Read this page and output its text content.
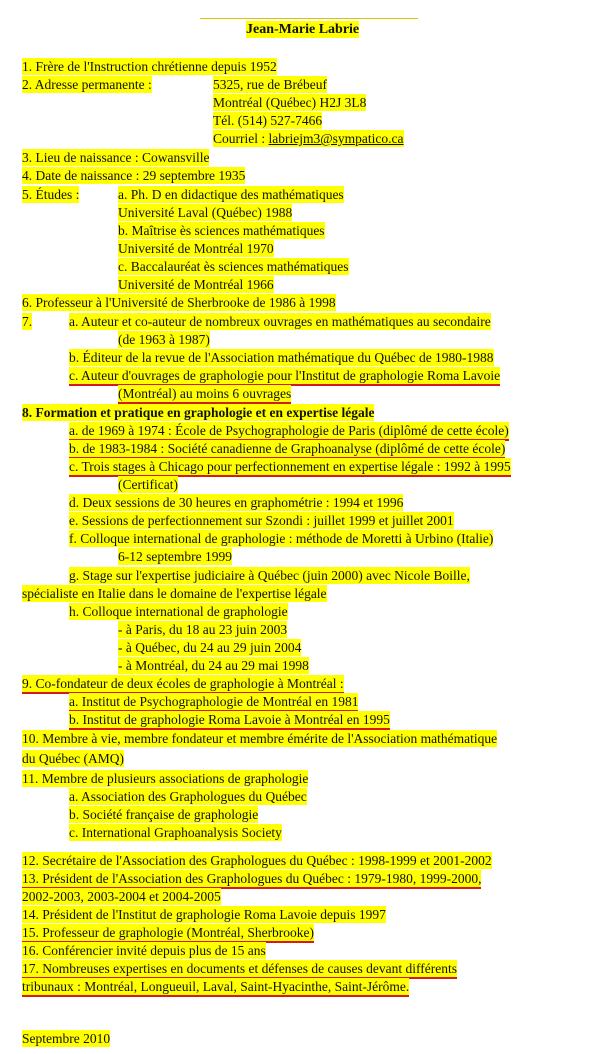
Jean-Marie Labrie
1. Frère de l'Instruction chrétienne depuis 1952
2. Adresse permanente :	5325, rue de Brébeuf
Montréal (Québec) H2J 3L8
Tél. (514) 527-7466
Courriel : labriejm3@sympatico.ca
3. Lieu de naissance : Cowansville
4. Date de naissance : 29 septembre 1935
5. Études :	a. Ph. D en didactique des mathématiques
Université Laval (Québec) 1988
b. Maîtrise ès sciences mathématiques
Université de Montréal 1970
c. Baccalauréat ès sciences mathématiques
Université de Montréal 1966
6. Professeur à l'Université de Sherbrooke de 1986 à 1998
7.	a. Auteur et co-auteur de nombreux ouvrages en mathématiques au secondaire
(de 1963 à 1987)
b. Éditeur de la revue de l'Association mathématique du Québec de 1980-1988
c. Auteur d'ouvrages de graphologie pour l'Institut de graphologie Roma Lavoie
(Montréal) au moins 6 ouvrages
8. Formation et pratique en graphologie et en expertise légale
a. de 1969 à 1974 : École de Psychographologie de Paris (diplômé de cette école)
b. de 1983-1984 : Société canadienne de Graphoanalyse (diplômé de cette école)
c. Trois stages à Chicago pour perfectionnement en expertise légale : 1992 à 1995
(Certificat)
d. Deux sessions de 30 heures en graphométrie : 1994 et 1996
e. Sessions de perfectionnement sur Szondi : juillet 1999 et juillet 2001
f. Colloque international de graphologie : méthode de Moretti à Urbino (Italie)
6-12 septembre 1999
g. Stage sur l'expertise judiciaire à Québec (juin 2000) avec Nicole Boille,
spécialiste en Italie dans le domaine de l'expertise légale
h. Colloque international de graphologie
- à Paris, du 18 au 23 juin 2003
- à Québec, du 24 au 29 juin 2004
- à Montréal, du 24 au 29 mai 1998
9. Co-fondateur de deux écoles de graphologie à Montréal :
a. Institut de Psychographologie de Montréal en 1981
b. Institut de graphologie Roma Lavoie à Montréal en 1995
10. Membre à vie, membre fondateur et membre émérite de l'Association mathématique
du Québec (AMQ)
11. Membre de plusieurs associations de graphologie
a. Association des Graphologues du Québec
b. Société française de graphologie
c. International Graphoanalysis Society
12. Secrétaire de l'Association des Graphologues du Québec : 1998-1999 et 2001-2002
13. Président de l'Association des Graphologues du Québec : 1979-1980, 1999-2000,
2002-2003, 2003-2004 et 2004-2005
14. Président de l'Institut de graphologie Roma Lavoie depuis 1997
15. Professeur de graphologie (Montréal, Sherbrooke)
16. Conférencier invité depuis plus de 15 ans
17. Nombreuses expertises en documents et défenses de causes devant différents
tribunaux : Montréal, Longueuil, Laval, Saint-Hyacinthe, Saint-Jérôme.
Septembre 2010
